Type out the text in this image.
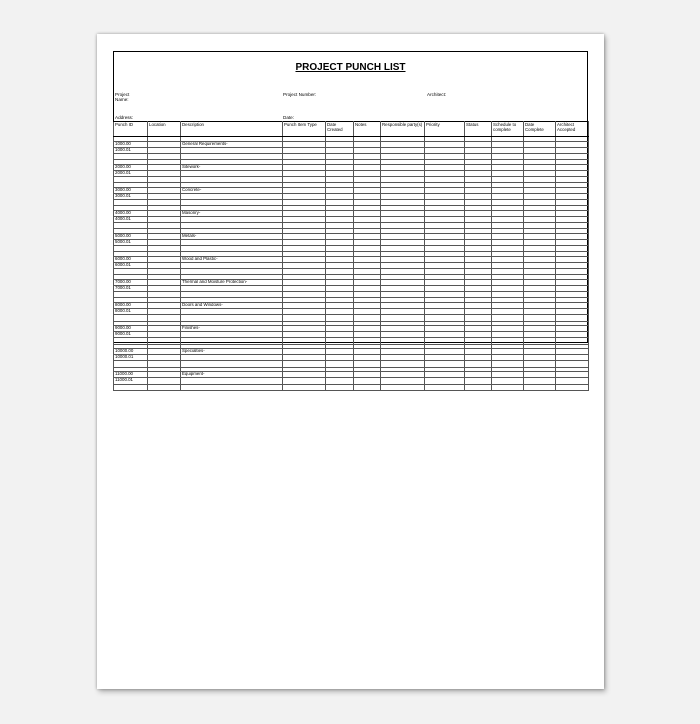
PROJECT PUNCH LIST
Project Name:
Project Number:	Architect:
Address:	Date:
Punch ID	Location	Description	Punch Item Type	Date Created	Notes	Responsible party(s)	Priority	Status	Schedule to complete	Date Complete	Architect Accepted

1000.00		General Requirements-									
1000.01											

2000.00		Sitework-									
2000.01											

3000.00		Concrete-									
3000.01											

4000.00		Masonry-									
4000.01											

5000.00		Metals-									
5000.01											

6000.00		Wood and Plastic-									
6000.01											

7000.00		Thermal and Moisture Protection-									
7000.01											

8000.00		Doors and Windows-									
8000.01											

9000.00		Finishes-									
9000.01											

10000.00		Specialties-									
10000.01											

11000.00		Equipment-									
11000.01											
